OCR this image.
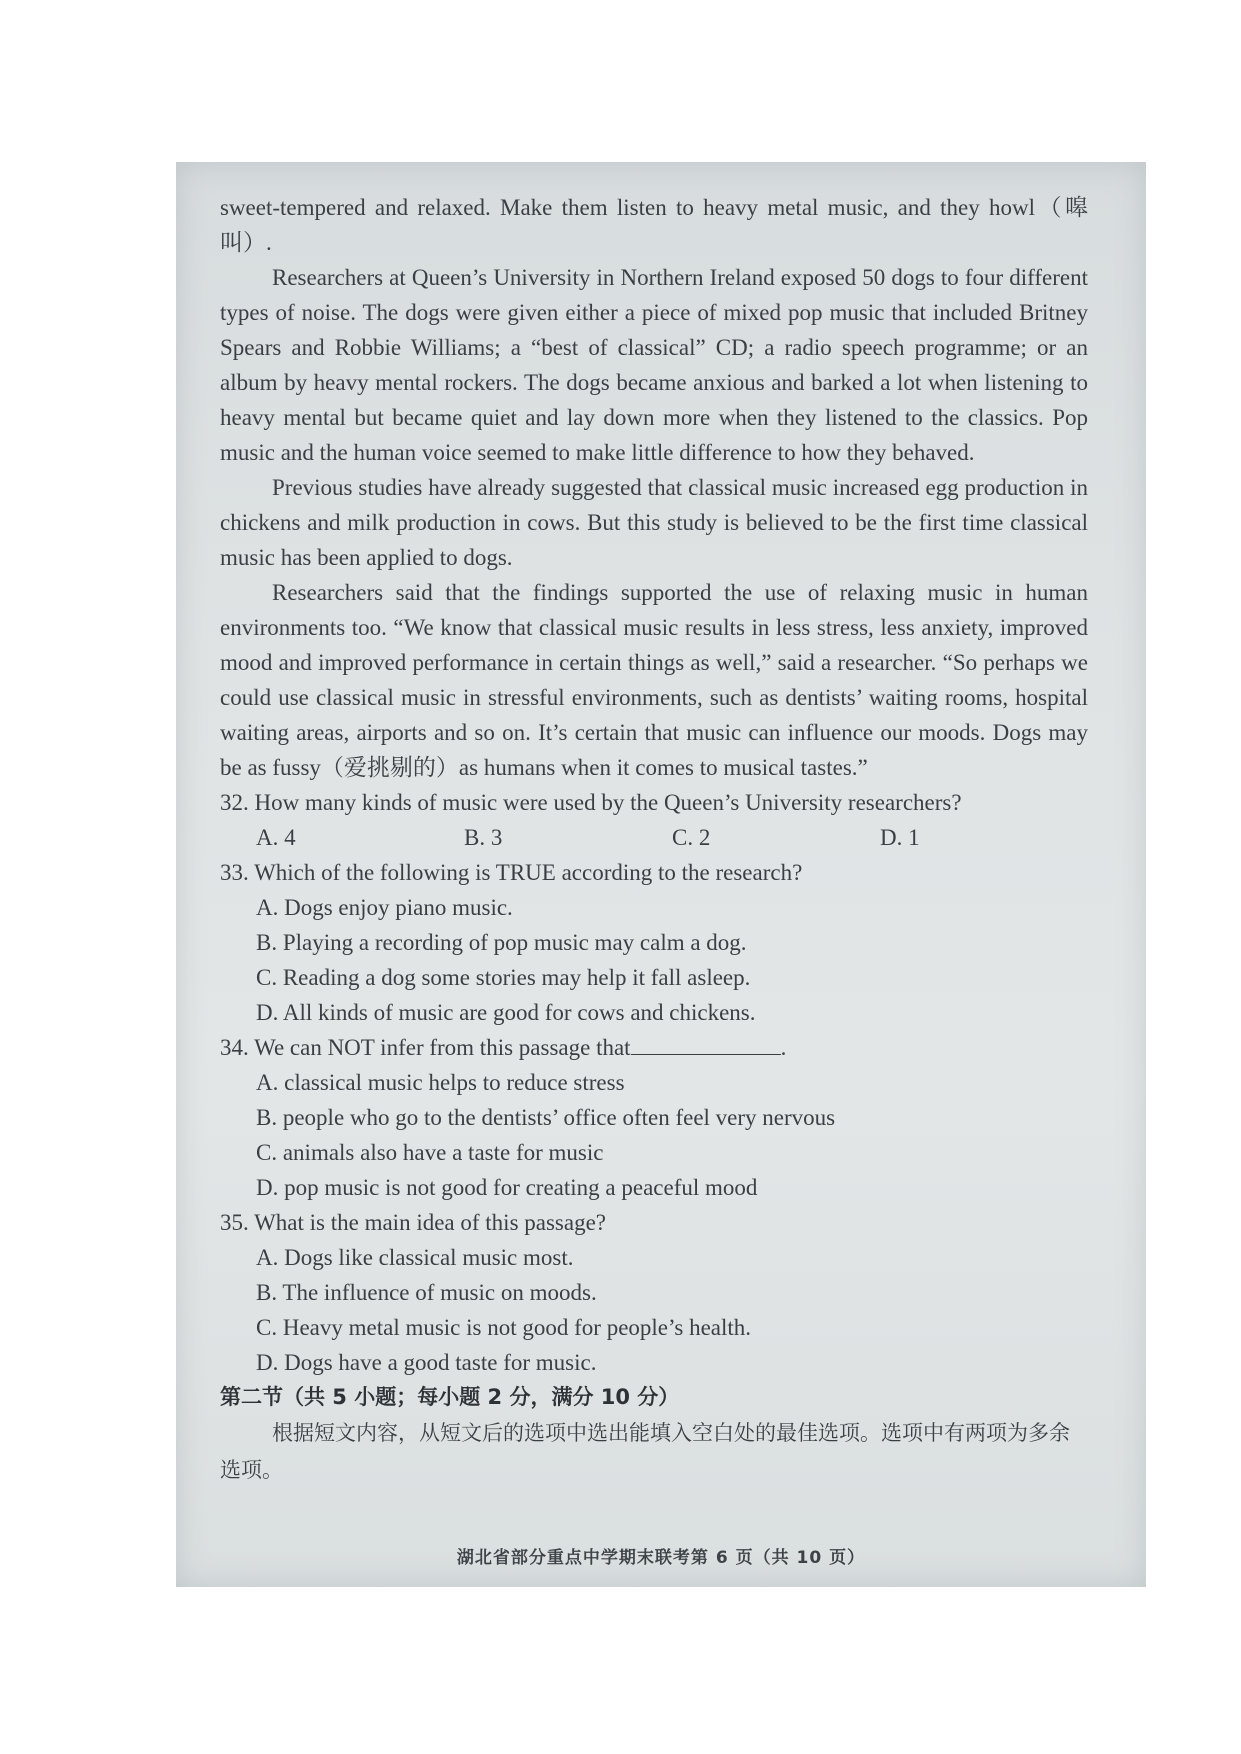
sweet-tempered and relaxed. Make them listen to heavy metal music, and they howl（嗥叫）.

Researchers at Queen’s University in Northern Ireland exposed 50 dogs to four different types of noise. The dogs were given either a piece of mixed pop music that included Britney Spears and Robbie Williams; a “best of classical” CD; a radio speech programme; or an album by heavy mental rockers. The dogs became anxious and barked a lot when listening to heavy mental but became quiet and lay down more when they listened to the classics. Pop music and the human voice seemed to make little difference to how they behaved.

Previous studies have already suggested that classical music increased egg production in chickens and milk production in cows. But this study is believed to be the first time classical music has been applied to dogs.

Researchers said that the findings supported the use of relaxing music in human environments too. “We know that classical music results in less stress, less anxiety, improved mood and improved performance in certain things as well,” said a researcher. “So perhaps we could use classical music in stressful environments, such as dentists’ waiting rooms, hospital waiting areas, airports and so on. It’s certain that music can influence our moods. Dogs may be as fussy（爱挑剔的）as humans when it comes to musical tastes.”

32. How many kinds of music were used by the Queen’s University researchers?

A. 4	B. 3	C. 2	D. 1

33. Which of the following is TRUE according to the research?

A. Dogs enjoy piano music.

B. Playing a recording of pop music may calm a dog.

C. Reading a dog some stories may help it fall asleep.

D. All kinds of music are good for cows and chickens.

34. We can NOT infer from this passage that	.

A. classical music helps to reduce stress

B. people who go to the dentists’ office often feel very nervous

C. animals also have a taste for music

D. pop music is not good for creating a peaceful mood

35. What is the main idea of this passage?

A. Dogs like classical music most.

B. The influence of music on moods.

C. Heavy metal music is not good for people’s health.

D. Dogs have a good taste for music.

第二节（共 5 小题；每小题 2 分，满分 10 分）

根据短文内容，从短文后的选项中选出能填入空白处的最佳选项。选项中有两项为多余选项。

湖北省部分重点中学期末联考第 6 页（共 10 页）
